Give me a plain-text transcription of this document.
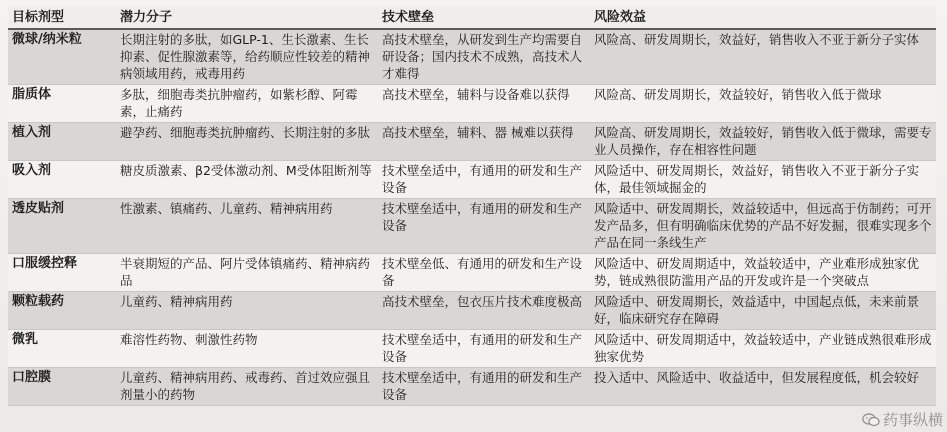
目标剂型	潜力分子	技术壁垒	风险效益
微球/纳米粒	长期注射的多肽，如GLP-1、生长激素、生长抑素、促性腺激素等，给药顺应性较差的精神病领域用药，戒毒用药	高技术壁垒，从研发到生产均需要自研设备；国内技术不成熟，高技术人才难得	风险高、研发周期长，效益好，销售收入不亚于新分子实体
脂质体	多肽，细胞毒类抗肿瘤药，如紫杉醇、阿霉素，止痛药	高技术壁垒，辅料与设备难以获得	风险高、研发周期长，效益较好，销售收入低于微球
植入剂	避孕药、细胞毒类抗肿瘤药、长期注射的多肽	高技术壁垒，辅料、器 械难以获得	风险高、研发周期长，效益较好，销售收入低于微球，需要专业人员操作，存在相容性问题
吸入剂	糖皮质激素、β2受体激动剂、M受体阻断剂等	技术壁垒适中，有通用的研发和生产设备	风险适中、研发周期长，效益好，销售收入不亚于新分子实体，最佳领域掘金的
透皮贴剂	性激素、镇痛药、儿童药、精神病用药	技术壁垒适中，有通用的研发和生产设备	风险适中、研发周期长，效益较适中，但远高于仿制药；可开发产品多，但有明确临床优势的产品不好发掘，很难实现多个产品在同一条线生产
口服缓控释	半衰期短的产品、阿片受体镇痛药、精神病药品	技术壁垒低、有通用的研发和生产设备	风险适中、研发周期适中，效益较适中，产业难形成独家优势，链成熟很防滥用产品的开发或许是一个突破点
颗粒载药	儿童药、精神病用药	高技术壁垒，包衣压片技术难度极高	风险适中、研发周期长，效益适中，中国起点低，未来前景好，临床研究存在障碍
微乳	难溶性药物、刺激性药物	技术壁垒适中，有通用的研发和生产设备	风险适中、研发周期适中，效益较适中，产业链成熟很难形成独家优势
口腔膜	儿童药、精神病用药、戒毒药、首过效应强且剂量小的药物	技术壁垒适中，有通用的研发和生产设备	投入适中、风险适中、收益适中，但发展程度低，机会较好
药事纵横
